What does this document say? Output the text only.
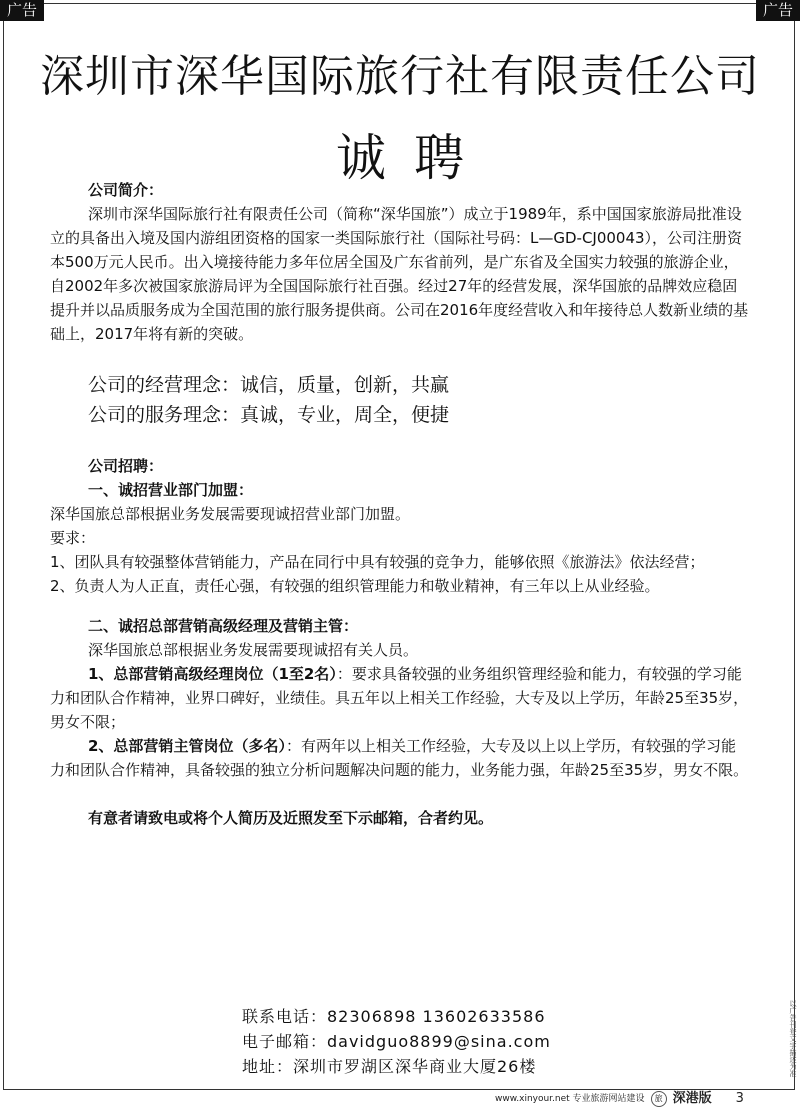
广告	广告
深圳市深华国际旅行社有限责任公司
诚聘

公司简介：

深圳市深华国际旅行社有限责任公司（简称“深华国旅”）成立于1989年，系中国国家旅游局批准设立的具备出入境及国内游组团资格的国家一类国际旅行社（国际社号码：L—GD-CJ00043），公司注册资本500万元人民币。出入境接待能力多年位居全国及广东省前列，是广东省及全国实力较强的旅游企业，自2002年多次被国家旅游局评为全国国际旅行社百强。经过27年的经营发展，深华国旅的品牌效应稳固提升并以品质服务成为全国范围的旅行服务提供商。公司在2016年度经营收入和年接待总人数新业绩的基础上，2017年将有新的突破。

公司的经营理念：诚信，质量，创新，共赢

公司的服务理念：真诚，专业，周全，便捷

公司招聘：

一、诚招营业部门加盟：

深华国旅总部根据业务发展需要现诚招营业部门加盟。

要求：

1、团队具有较强整体营销能力，产品在同行中具有较强的竞争力，能够依照《旅游法》依法经营；

2、负责人为人正直，责任心强，有较强的组织管理能力和敬业精神，有三年以上从业经验。

二、诚招总部营销高级经理及营销主管：

深华国旅总部根据业务发展需要现诚招有关人员。

1、总部营销高级经理岗位（1至2名）：要求具备较强的业务组织管理经验和能力，有较强的学习能力和团队合作精神，业界口碑好，业绩佳。具五年以上相关工作经验，大专及以上学历，年龄25至35岁，男女不限；

2、总部营销主管岗位（多名）：有两年以上相关工作经验，大专及以上以上学历，有较强的学习能力和团队合作精神，具备较强的独立分析问题解决问题的能力，业务能力强，年龄25至35岁，男女不限。

有意者请致电或将个人简历及近照发至下示邮箱，合者约见。

联系电话：82306898 13602633586

电子邮箱：davidguo8899@sina.com

地址：深圳市罗湖区深华商业大厦26楼	以广告刊登文字描述为准
www.xinyour.net 专业旅游网站建设	旅 深港版 3
